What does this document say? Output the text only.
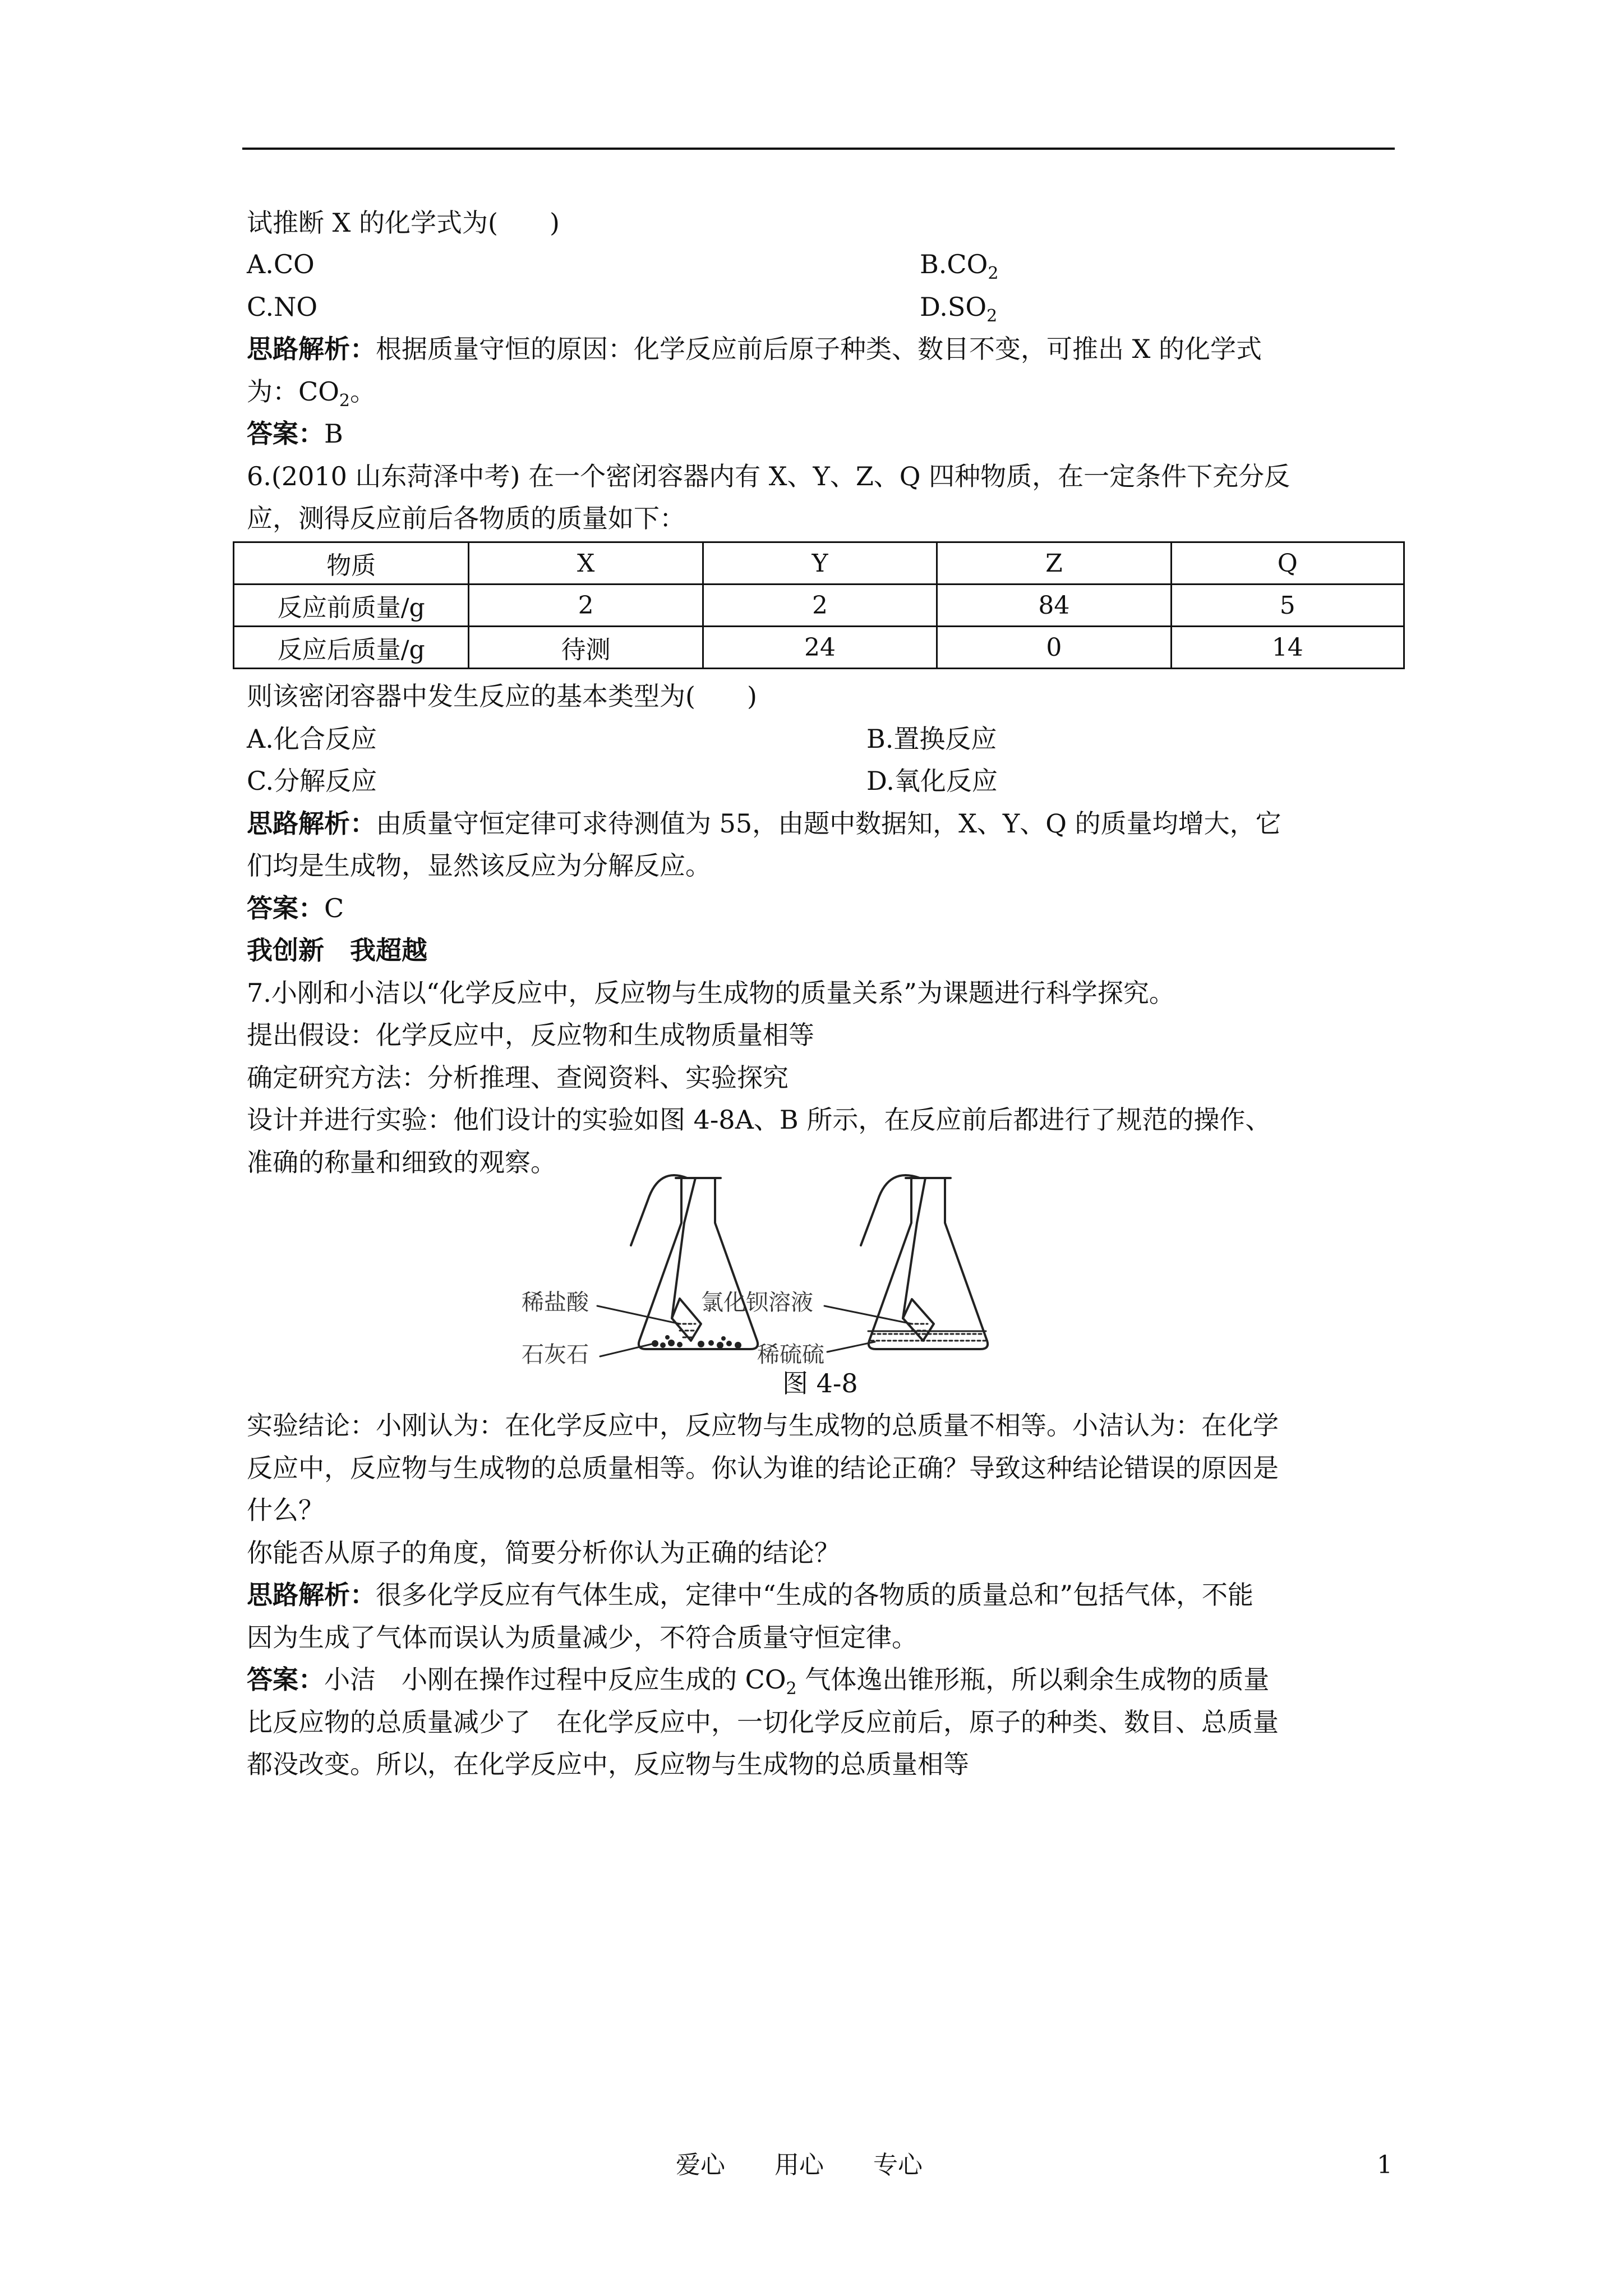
试推断 X 的化学式为(　　)
A.CO	$B.CO_2$
C.NO	$D.SO_2$
思路解析：根据质量守恒的原因：化学反应前后原子种类、数目不变，可推出 X 的化学式
为：$CO_2$。
答案：B
6.(2010 山东菏泽中考) 在一个密闭容器内有 X、Y、Z、Q 四种物质，在一定条件下充分反
应，测得反应前后各物质的质量如下：
物质	X	Y	Z	Q
反应前质量/g	2	2	84	5
反应后质量/g	待测	24	0	14
则该密闭容器中发生反应的基本类型为(　　)
A.化合反应	B.置换反应
C.分解反应	D.氧化反应
思路解析：由质量守恒定律可求待测值为 55，由题中数据知，X、Y、Q 的质量均增大，它
们均是生成物，显然该反应为分解反应。
答案：C
我创新　我超越
7.小刚和小洁以“化学反应中，反应物与生成物的质量关系”为课题进行科学探究。
提出假设：化学反应中，反应物和生成物质量相等
确定研究方法：分析推理、查阅资料、实验探究
设计并进行实验：他们设计的实验如图 4-8A、B 所示，在反应前后都进行了规范的操作、
准确的称量和细致的观察。
稀盐酸
石灰石
氯化钡溶液
稀硫硫
图 4-8
实验结论：小刚认为：在化学反应中，反应物与生成物的总质量不相等。小洁认为：在化学
反应中，反应物与生成物的总质量相等。你认为谁的结论正确？导致这种结论错误的原因是
什么？
你能否从原子的角度，简要分析你认为正确的结论？
思路解析：很多化学反应有气体生成，定律中“生成的各物质的质量总和”包括气体，不能
因为生成了气体而误认为质量减少，不符合质量守恒定律。
答案：小洁　小刚在操作过程中反应生成的 $CO_2$ 气体逸出锥形瓶，所以剩余生成物的质量
比反应物的总质量减少了　在化学反应中，一切化学反应前后，原子的种类、数目、总质量
都没改变。所以，在化学反应中，反应物与生成物的总质量相等
爱心　　用心　　专心	1
